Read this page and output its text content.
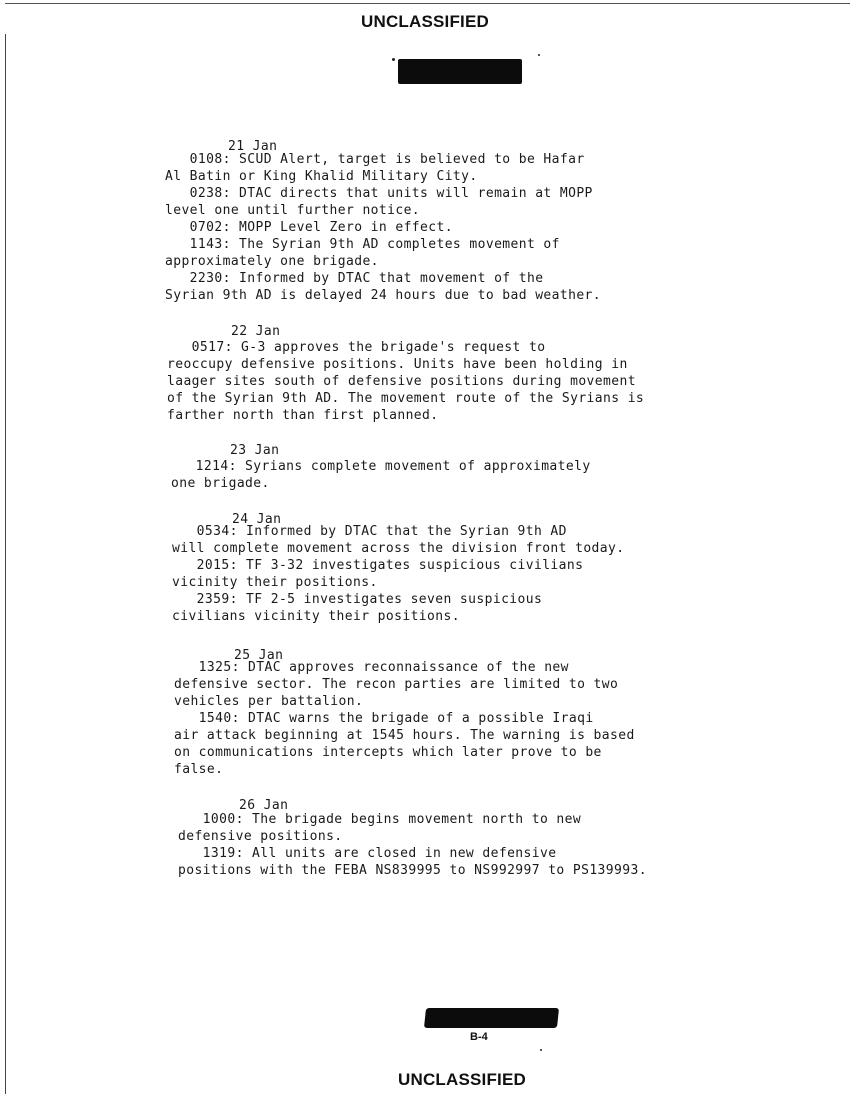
UNCLASSIFIED
21 Jan
0108: SCUD Alert, target is believed to be Hafar
Al Batin or King Khalid Military City.
0238: DTAC directs that units will remain at MOPP
level one until further notice.
0702: MOPP Level Zero in effect.
1143: The Syrian 9th AD completes movement of
approximately one brigade.
2230: Informed by DTAC that movement of the
Syrian 9th AD is delayed 24 hours due to bad weather.
22 Jan
0517: G-3 approves the brigade's request to
reoccupy defensive positions. Units have been holding in
laager sites south of defensive positions during movement
of the Syrian 9th AD. The movement route of the Syrians is
farther north than first planned.
23 Jan
1214: Syrians complete movement of approximately
one brigade.
24 Jan
0534: Informed by DTAC that the Syrian 9th AD
will complete movement across the division front today.
2015: TF 3-32 investigates suspicious civilians
vicinity their positions.
2359: TF 2-5 investigates seven suspicious
civilians vicinity their positions.
25 Jan
1325: DTAC approves reconnaissance of the new
defensive sector. The recon parties are limited to two
vehicles per battalion.
1540: DTAC warns the brigade of a possible Iraqi
air attack beginning at 1545 hours. The warning is based
on communications intercepts which later prove to be
false.
26 Jan
1000: The brigade begins movement north to new
defensive positions.
1319: All units are closed in new defensive
positions with the FEBA NS839995 to NS992997 to PS139993.
B-4
UNCLASSIFIED
